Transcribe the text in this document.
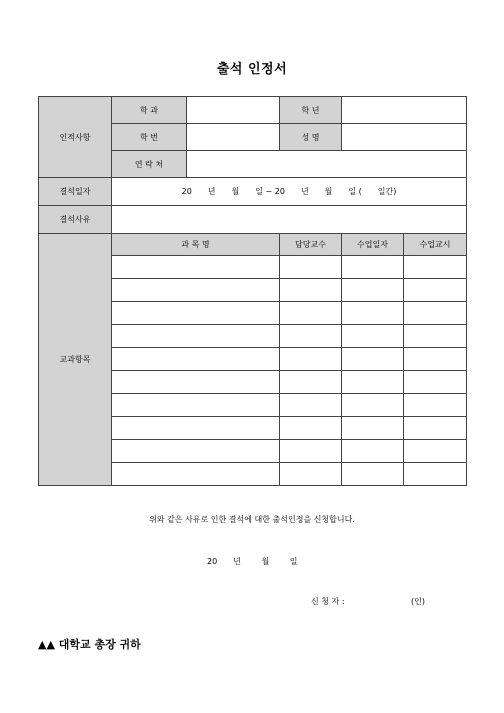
출석 인정서
인적사항	학 과		학 년		
	학 번		성 명		
	연 락 처				
결석일자	20　　년　　월　　일 ~ 20　　년　　월　　일 (　　일간)				
결석사유					
교과항목	과 목 명		담당교수	수업일자	수업교시

위와 같은 사유로 인한 결석에 대한 출석인정을 신청합니다.
20　　년	월	일
신 청 자 :	(인)
▲▲ 대학교 총장 귀하
